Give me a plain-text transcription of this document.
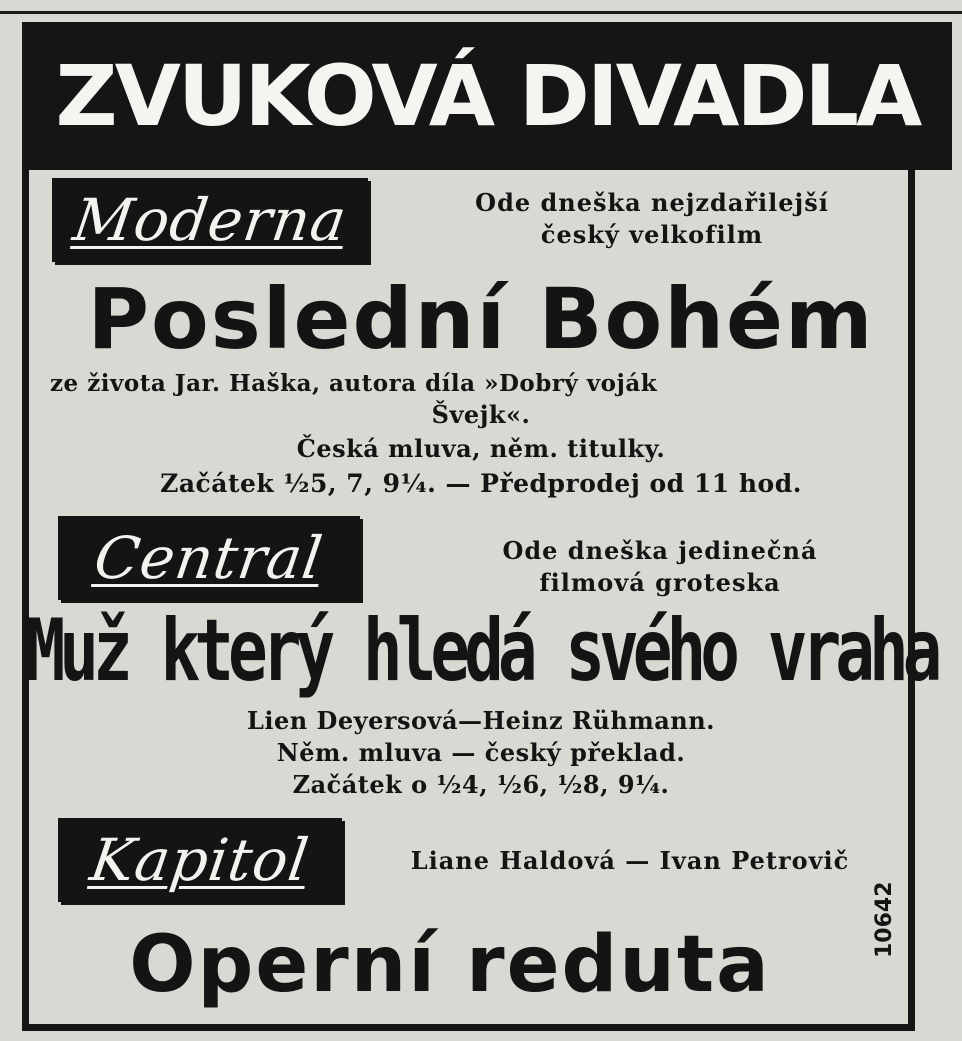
ZVUKOVÁ DIVADLA
Moderna	Ode dneška nejzdařilejší
český velkofilm
Poslední Bohém
ze života Jar. Haška, autora díla »Dobrý voják
Švejk«.
Česká mluva, něm. titulky.
Začátek ½5, 7, 9¼. — Předprodej od 11 hod.
Central	Ode dneška jedinečná
filmová groteska
Muž který hledá svého vraha
Lien Deyersová—Heinz Rühmann.
Něm. mluva — český překlad.
Začátek o ½4, ½6, ½8, 9¼.
Kapitol	Liane Haldová — Ivan Petrovič
Operní reduta
10642
